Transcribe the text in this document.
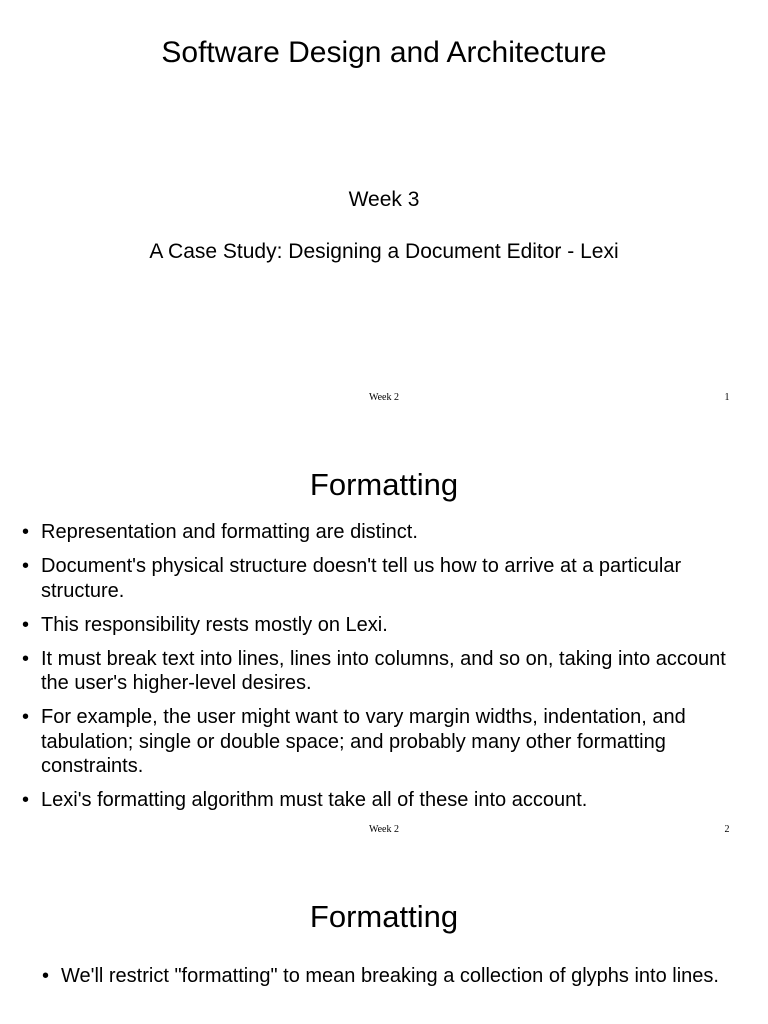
Software Design and Architecture
Week 3
A Case Study: Designing a Document Editor - Lexi
Week 2	1
Formatting
• Representation and formatting are distinct.
• Document's physical structure doesn't tell us how to arrive at a particular structure.
• This responsibility rests mostly on Lexi.
• It must break text into lines, lines into columns, and so on, taking into account the user's higher-level desires.
• For example, the user might want to vary margin widths, indentation, and tabulation; single or double space; and probably many other formatting constraints.
• Lexi's formatting algorithm must take all of these into account.
Week 2	2
Formatting
• We'll restrict "formatting" to mean breaking a collection of glyphs into lines.
